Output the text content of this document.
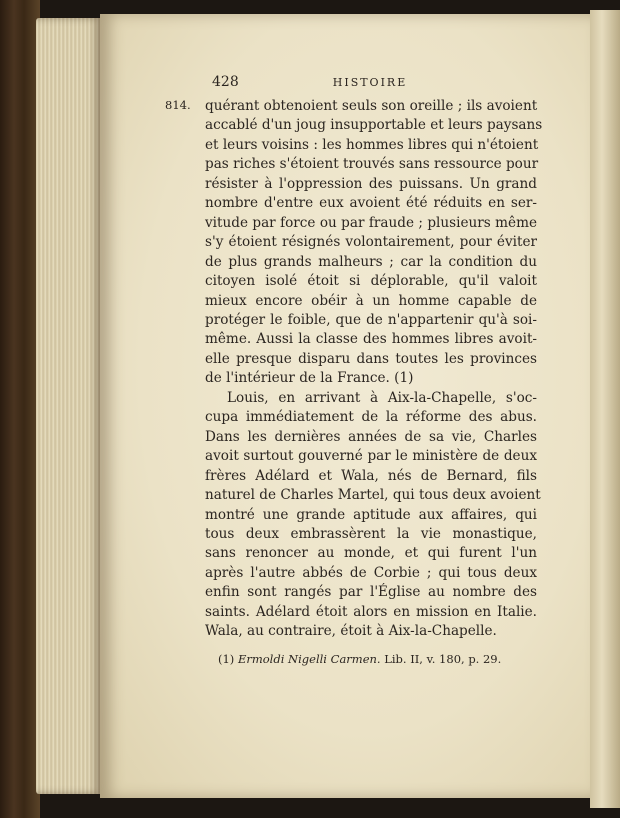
428	HISTOIRE
814. quérant obtenoient seuls son oreille ; ils avoient
accablé d'un joug insupportable et leurs paysans
et leurs voisins : les hommes libres qui n'étoient
pas riches s'étoient trouvés sans ressource pour
résister à l'oppression des puissans. Un grand
nombre d'entre eux avoient été réduits en ser-
vitude par force ou par fraude ; plusieurs même
s'y étoient résignés volontairement, pour éviter
de plus grands malheurs ; car la condition du
citoyen isolé étoit si déplorable, qu'il valoit
mieux encore obéir à un homme capable de
protéger le foible, que de n'appartenir qu'à soi-
même. Aussi la classe des hommes libres avoit-
elle presque disparu dans toutes les provinces
de l'intérieur de la France. (1)
Louis, en arrivant à Aix-la-Chapelle, s'oc-
cupa immédiatement de la réforme des abus.
Dans les dernières années de sa vie, Charles
avoit surtout gouverné par le ministère de deux
frères Adélard et Wala, nés de Bernard, fils
naturel de Charles Martel, qui tous deux avoient
montré une grande aptitude aux affaires, qui
tous deux embrassèrent la vie monastique,
sans renoncer au monde, et qui furent l'un
après l'autre abbés de Corbie ; qui tous deux
enfin sont rangés par l'Église au nombre des
saints. Adélard étoit alors en mission en Italie.
Wala, au contraire, étoit à Aix-la-Chapelle.
(1) Ermoldi Nigelli Carmen. Lib. II, v. 180, p. 29.
